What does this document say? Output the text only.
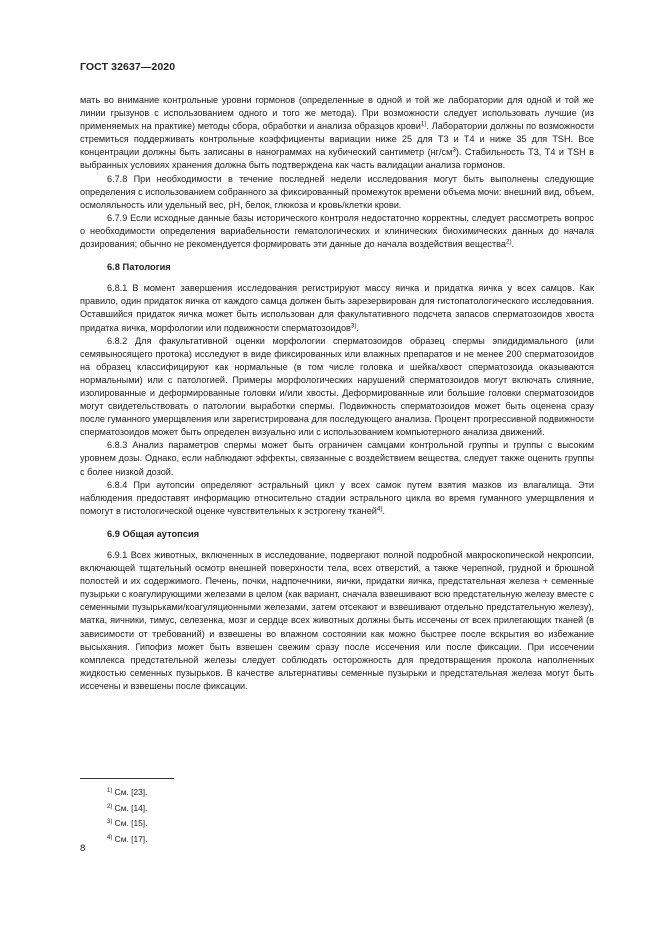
ГОСТ 32637—2020

мать во внимание контрольные уровни гормонов (определенные в одной и той же лаборатории для одной и той же линии грызунов с использованием одного и того же метода). При возможности следует использовать лучшие (из применяемых на практике) методы сбора, обработки и анализа образцов крови$^{1)}$. Лаборатории должны по возможности стремиться поддерживать контрольные коэффициенты вариации ниже 25 для Т3 и Т4 и ниже 35 для TSH. Все концентрации должны быть записаны в нанограммах на кубический сантиметр $(нг/см^3)$. Стабильность Т3, Т4 и TSH в выбранных условиях хранения должна быть подтверждена как часть валидации анализа гормонов.

6.7.8 При необходимости в течение последней недели исследования могут быть выполнены следующие определения с использованием собранного за фиксированный промежуток времени объема мочи: внешний вид, объем, осмоляльность или удельный вес, рН, белок, глюкоза и кровь/клетки крови.

6.7.9 Если исходные данные базы исторического контроля недостаточно корректны, следует рассмотреть вопрос о необходимости определения вариабельности гематологических и клинических биохимических данных до начала дозирования; обычно не рекомендуется формировать эти данные до начала воздействия вещества$^{2)}$.

6.8 Патология

6.8.1 В момент завершения исследования регистрируют массу яичка и придатка яичка у всех самцов. Как правило, один придаток яичка от каждого самца должен быть зарезервирован для гистопатологического исследования. Оставшийся придаток яичка может быть использован для факультативного подсчета запасов сперматозоидов хвоста придатка яичка, морфологии или подвижности сперматозоидов$^{3)}$.

6.8.2 Для факультативной оценки морфологии сперматозоидов образец спермы эпидидимального (или семявыносящего протока) исследуют в виде фиксированных или влажных препаратов и не менее 200 сперматозоидов на образец классифицируют как нормальные (в том числе головка и шейка/хвост сперматозоида оказываются нормальными) или с патологией. Примеры морфологических нарушений сперматозоидов могут включать слияние, изолированные и деформированные головки и/или хвосты. Деформированные или большие головки сперматозоидов могут свидетельствовать о патологии выработки спермы. Подвижность сперматозоидов может быть оценена сразу после гуманного умерщвления или зарегистрирована для последующего анализа. Процент прогрессивной подвижности сперматозоидов может быть определен визуально или с использованием компьютерного анализа движений.

6.8.3 Анализ параметров спермы может быть ограничен самцами контрольной группы и группы с высоким уровнем дозы. Однако, если наблюдают эффекты, связанные с воздействием вещества, следует также оценить группы с более низкой дозой.

6.8.4 При аутопсии определяют эстральный цикл у всех самок путем взятия мазков из влагалища. Эти наблюдения предоставят информацию относительно стадии эстрального цикла во время гуманного умерщвления и помогут в гистологической оценке чувствительных к эстрогену тканей$^{4)}$.

6.9 Общая аутопсия

6.9.1 Всех животных, включенных в исследование, подвергают полной подробной макроскопической некропсии, включающей тщательный осмотр внешней поверхности тела, всех отверстий, а также черепной, грудной и брюшной полостей и их содержимого. Печень, почки, надпочечники, яички, придатки яичка, предстательная железа + семенные пузырьки с коагулирующими железами в целом (как вариант, сначала взвешивают всю предстательную железу вместе с семенными пузырьками/коагуляционными железами, затем отсекают и взвешивают отдельно предстательную железу), матка, яичники, тимус, селезенка, мозг и сердце всех животных должны быть иссечены от всех прилегающих тканей (в зависимости от требований) и взвешены во влажном состоянии как можно быстрее после вскрытия во избежание высыхания. Гипофиз может быть взвешен свежим сразу после иссечения или после фиксации. При иссечении комплекса предстательной железы следует соблюдать осторожность для предотвращения прокола наполненных жидкостью семенных пузырьков. В качестве альтернативы семенные пузырьки и предстательная железа могут быть иссечены и взвешены после фиксации.

$^{1)}$ См. [23].
$^{2)}$ См. [14].
$^{3)}$ См. [15].
$^{4)}$ См. [17].
8
